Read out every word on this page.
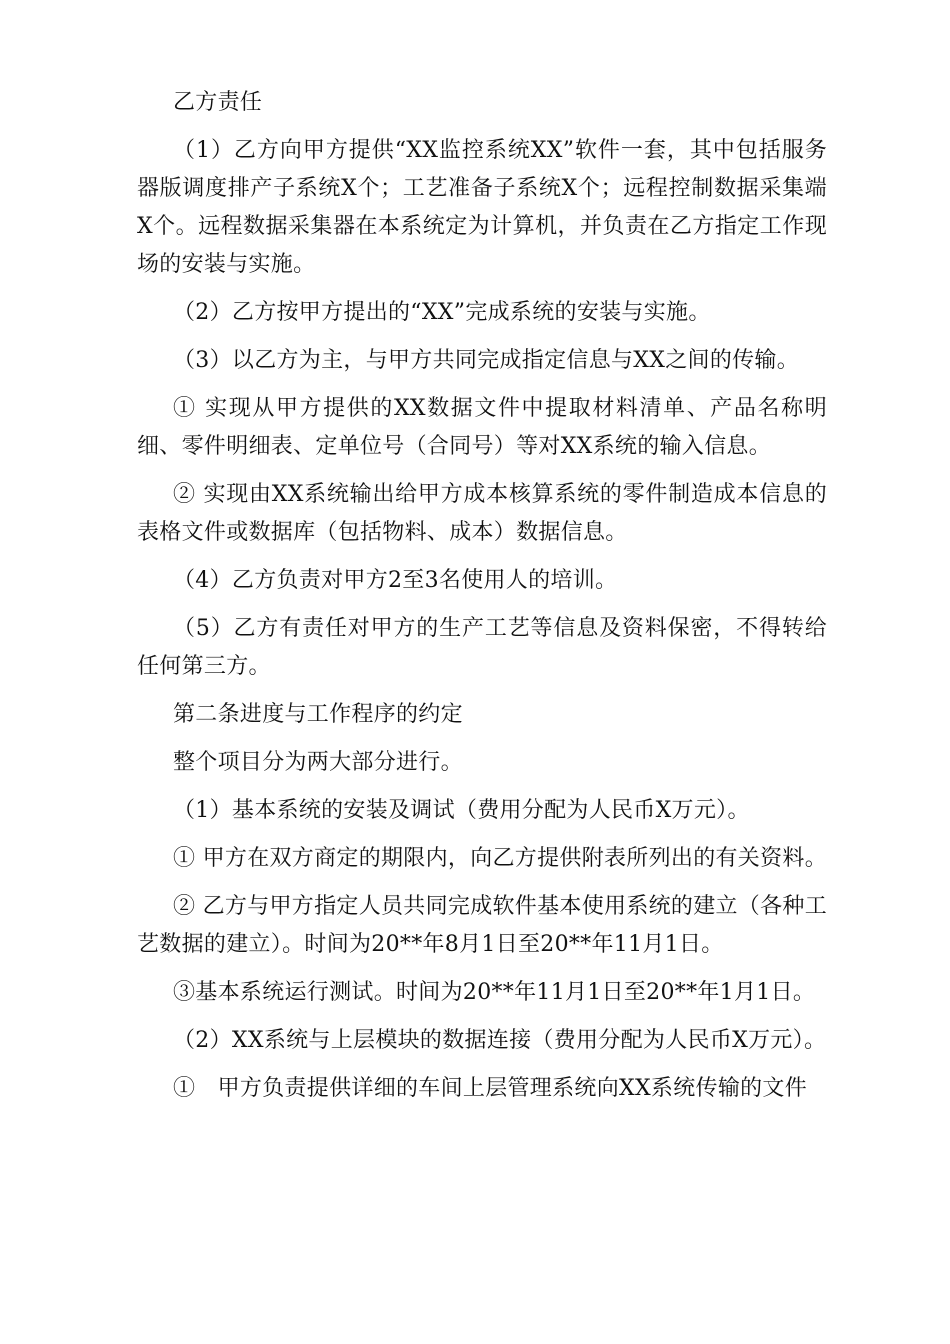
乙方责任

（1）乙方向甲方提供“XX监控系统XX”软件一套，其中包括服务器版调度排产子系统X个；工艺准备子系统X个；远程控制数据采集端X个。远程数据采集器在本系统定为计算机，并负责在乙方指定工作现场的安装与实施。

（2）乙方按甲方提出的“XX”完成系统的安装与实施。

（3）以乙方为主，与甲方共同完成指定信息与XX之间的传输。

① 实现从甲方提供的XX数据文件中提取材料清单、产品名称明细、零件明细表、定单位号（合同号）等对XX系统的输入信息。

② 实现由XX系统输出给甲方成本核算系统的零件制造成本信息的表格文件或数据库（包括物料、成本）数据信息。

（4）乙方负责对甲方2至3名使用人的培训。

（5）乙方有责任对甲方的生产工艺等信息及资料保密，不得转给任何第三方。

第二条进度与工作程序的约定

整个项目分为两大部分进行。

（1）基本系统的安装及调试（费用分配为人民币X万元）。

① 甲方在双方商定的期限内，向乙方提供附表所列出的有关资料。

② 乙方与甲方指定人员共同完成软件基本使用系统的建立（各种工艺数据的建立）。时间为20**年8月1日至20**年11月1日。

③基本系统运行测试。时间为20**年11月1日至20**年1月1日。

（2）XX系统与上层模块的数据连接（费用分配为人民币X万元）。

①　甲方负责提供详细的车间上层管理系统向XX系统传输的文件
